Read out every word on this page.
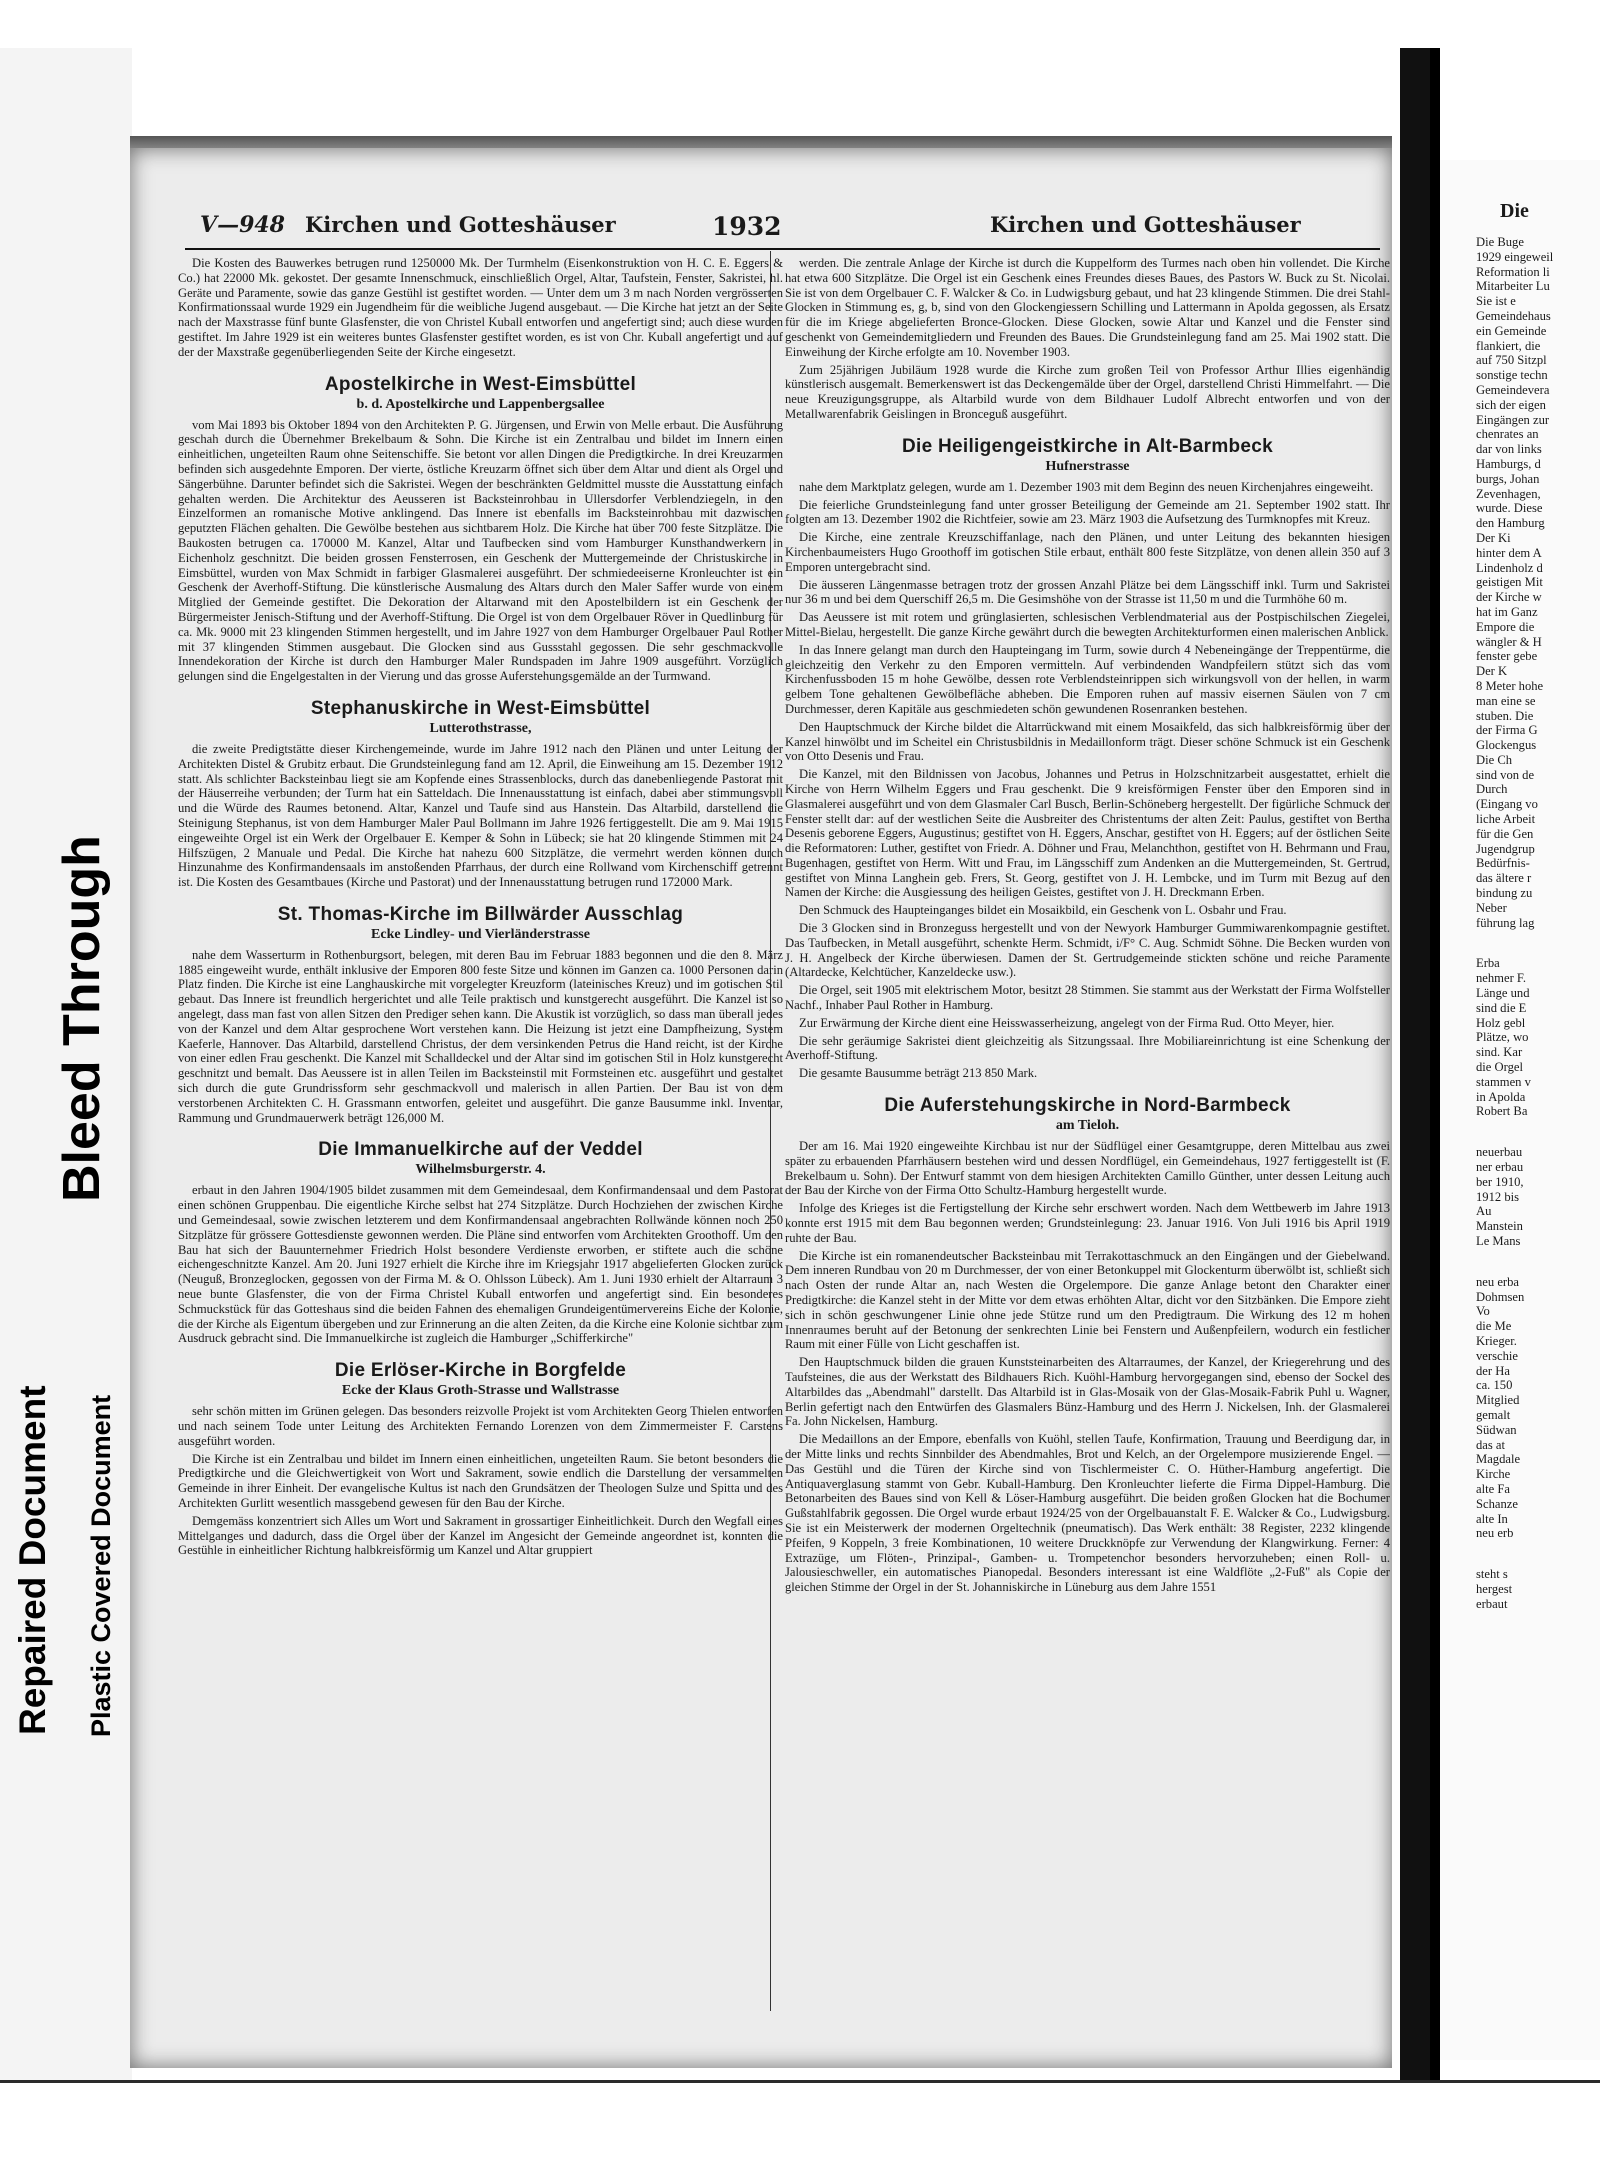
V—948 Kirchen und Gotteshäuser	1932	Kirchen und Gotteshäuser

Die Kosten des Bauwerkes betrugen rund 1250000 Mk. Der Turmhelm (Eisenkonstruktion von H. C. E. Eggers & Co.) hat 22000 Mk. gekostet. Der gesamte Innenschmuck, einschließlich Orgel, Altar, Taufstein, Fenster, Sakristei, hl. Geräte und Paramente, sowie das ganze Gestühl ist gestiftet worden. — Unter dem um 3 m nach Norden vergrösserten Konfirmationssaal wurde 1929 ein Jugendheim für die weibliche Jugend ausgebaut. — Die Kirche hat jetzt an der Seite nach der Maxstrasse fünf bunte Glasfenster, die von Christel Kuball entworfen und angefertigt sind; auch diese wurden gestiftet. Im Jahre 1929 ist ein weiteres buntes Glasfenster gestiftet worden, es ist von Chr. Kuball angefertigt und auf der der Maxstraße gegenüberliegenden Seite der Kirche eingesetzt.

Apostelkirche in West-Eimsbüttel
b. d. Apostelkirche und Lappenbergsallee

vom Mai 1893 bis Oktober 1894 von den Architekten P. G. Jürgensen, und Erwin von Melle erbaut. Die Ausführung geschah durch die Übernehmer Brekelbaum & Sohn. Die Kirche ist ein Zentralbau und bildet im Innern einen einheitlichen, ungeteilten Raum ohne Seitenschiffe. Sie betont vor allen Dingen die Predigtkirche. In drei Kreuzarmen befinden sich ausgedehnte Emporen. Der vierte, östliche Kreuzarm öffnet sich über dem Altar und dient als Orgel und Sängerbühne. Darunter befindet sich die Sakristei. Wegen der beschränkten Geldmittel musste die Ausstattung einfach gehalten werden. Die Architektur des Aeusseren ist Backsteinrohbau in Ullersdorfer Verblendziegeln, in den Einzelformen an romanische Motive anklingend. Das Innere ist ebenfalls im Backsteinrohbau mit dazwischen geputzten Flächen gehalten. Die Gewölbe bestehen aus sichtbarem Holz. Die Kirche hat über 700 feste Sitzplätze. Die Baukosten betrugen ca. 170000 M. Kanzel, Altar und Taufbecken sind vom Hamburger Kunsthandwerkern in Eichenholz geschnitzt. Die beiden grossen Fensterrosen, ein Geschenk der Muttergemeinde der Christuskirche in Eimsbüttel, wurden von Max Schmidt in farbiger Glasmalerei ausgeführt. Der schmiedeeiserne Kronleuchter ist ein Geschenk der Averhoff-Stiftung. Die künstlerische Ausmalung des Altars durch den Maler Saffer wurde von einem Mitglied der Gemeinde gestiftet. Die Dekoration der Altarwand mit den Apostelbildern ist ein Geschenk der Bürgermeister Jenisch-Stiftung und der Averhoff-Stiftung. Die Orgel ist von dem Orgelbauer Röver in Quedlinburg für ca. Mk. 9000 mit 23 klingenden Stimmen hergestellt, und im Jahre 1927 von dem Hamburger Orgelbauer Paul Rother mit 37 klingenden Stimmen ausgebaut. Die Glocken sind aus Gussstahl gegossen. Die sehr geschmackvolle Innendekoration der Kirche ist durch den Hamburger Maler Rundspaden im Jahre 1909 ausgeführt. Vorzüglich gelungen sind die Engelgestalten in der Vierung und das grosse Auferstehungsgemälde an der Turmwand.

Stephanuskirche in West-Eimsbüttel
Lutterothstrasse,

die zweite Predigtstätte dieser Kirchengemeinde, wurde im Jahre 1912 nach den Plänen und unter Leitung der Architekten Distel & Grubitz erbaut. Die Grundsteinlegung fand am 12. April, die Einweihung am 15. Dezember 1912 statt. Als schlichter Backsteinbau liegt sie am Kopfende eines Strassenblocks, durch das danebenliegende Pastorat mit der Häuserreihe verbunden; der Turm hat ein Satteldach. Die Innenausstattung ist einfach, dabei aber stimmungsvoll und die Würde des Raumes betonend. Altar, Kanzel und Taufe sind aus Hanstein. Das Altarbild, darstellend die Steinigung Stephanus, ist von dem Hamburger Maler Paul Bollmann im Jahre 1926 fertiggestellt. Die am 9. Mai 1915 eingeweihte Orgel ist ein Werk der Orgelbauer E. Kemper & Sohn in Lübeck; sie hat 20 klingende Stimmen mit 24 Hilfszügen, 2 Manuale und Pedal. Die Kirche hat nahezu 600 Sitzplätze, die vermehrt werden können durch Hinzunahme des Konfirmandensaals im anstoßenden Pfarrhaus, der durch eine Rollwand vom Kirchenschiff getrennt ist. Die Kosten des Gesamtbaues (Kirche und Pastorat) und der Innenausstattung betrugen rund 172000 Mark.

St. Thomas-Kirche im Billwärder Ausschlag
Ecke Lindley- und Vierländerstrasse

nahe dem Wasserturm in Rothenburgsort, belegen, mit deren Bau im Februar 1883 begonnen und die den 8. März 1885 eingeweiht wurde, enthält inklusive der Emporen 800 feste Sitze und können im Ganzen ca. 1000 Personen darin Platz finden. Die Kirche ist eine Langhauskirche mit vorgelegter Kreuzform (lateinisches Kreuz) und im gotischen Stil gebaut. Das Innere ist freundlich hergerichtet und alle Teile praktisch und kunstgerecht ausgeführt. Die Kanzel ist so angelegt, dass man fast von allen Sitzen den Prediger sehen kann. Die Akustik ist vorzüglich, so dass man überall jedes von der Kanzel und dem Altar gesprochene Wort verstehen kann. Die Heizung ist jetzt eine Dampfheizung, System Kaeferle, Hannover. Das Altarbild, darstellend Christus, der dem versinkenden Petrus die Hand reicht, ist der Kirche von einer edlen Frau geschenkt. Die Kanzel mit Schalldeckel und der Altar sind im gotischen Stil in Holz kunstgerecht geschnitzt und bemalt. Das Aeussere ist in allen Teilen im Backsteinstil mit Formsteinen etc. ausgeführt und gestaltet sich durch die gute Grundrissform sehr geschmackvoll und malerisch in allen Partien. Der Bau ist von dem verstorbenen Architekten C. H. Grassmann entworfen, geleitet und ausgeführt. Die ganze Bausumme inkl. Inventar, Rammung und Grundmauerwerk beträgt 126,000 M.

Die Immanuelkirche auf der Veddel
Wilhelmsburgerstr. 4.

erbaut in den Jahren 1904/1905 bildet zusammen mit dem Gemeindesaal, dem Konfirmandensaal und dem Pastorat einen schönen Gruppenbau. Die eigentliche Kirche selbst hat 274 Sitzplätze. Durch Hochziehen der zwischen Kirche und Gemeindesaal, sowie zwischen letzterem und dem Konfirmandensaal angebrachten Rollwände können noch 250 Sitzplätze für grössere Gottesdienste gewonnen werden. Die Pläne sind entworfen vom Architekten Groothoff. Um den Bau hat sich der Bauunternehmer Friedrich Holst besondere Verdienste erworben, er stiftete auch die schöne eichengeschnitzte Kanzel. Am 20. Juni 1927 erhielt die Kirche ihre im Kriegsjahr 1917 abgelieferten Glocken zurück (Neuguß, Bronzeglocken, gegossen von der Firma M. & O. Ohlsson Lübeck). Am 1. Juni 1930 erhielt der Altarraum 3 neue bunte Glasfenster, die von der Firma Christel Kuball entworfen und angefertigt sind. Ein besonderes Schmuckstück für das Gotteshaus sind die beiden Fahnen des ehemaligen Grundeigentümervereins Eiche der Kolonie, die der Kirche als Eigentum übergeben und zur Erinnerung an die alten Zeiten, da die Kirche eine Kolonie sichtbar zum Ausdruck gebracht sind. Die Immanuelkirche ist zugleich die Hamburger „Schifferkirche"

Die Erlöser-Kirche in Borgfelde
Ecke der Klaus Groth-Strasse und Wallstrasse

sehr schön mitten im Grünen gelegen. Das besonders reizvolle Projekt ist vom Architekten Georg Thielen entworfen und nach seinem Tode unter Leitung des Architekten Fernando Lorenzen von dem Zimmermeister F. Carstens ausgeführt worden.

Die Kirche ist ein Zentralbau und bildet im Innern einen einheitlichen, ungeteilten Raum. Sie betont besonders die Predigtkirche und die Gleichwertigkeit von Wort und Sakrament, sowie endlich die Darstellung der versammelten Gemeinde in ihrer Einheit. Der evangelische Kultus ist nach den Grundsätzen der Theologen Sulze und Spitta und des Architekten Gurlitt wesentlich massgebend gewesen für den Bau der Kirche.

Demgemäss konzentriert sich Alles um Wort und Sakrament in grossartiger Einheitlichkeit. Durch den Wegfall eines Mittelganges und dadurch, dass die Orgel über der Kanzel im Angesicht der Gemeinde angeordnet ist, konnten die Gestühle in einheitlicher Richtung halbkreisförmig um Kanzel und Altar gruppiert

werden. Die zentrale Anlage der Kirche ist durch die Kuppelform des Turmes nach oben hin vollendet. Die Kirche hat etwa 600 Sitzplätze. Die Orgel ist ein Geschenk eines Freundes dieses Baues, des Pastors W. Buck zu St. Nicolai. Sie ist von dem Orgelbauer C. F. Walcker & Co. in Ludwigsburg gebaut, und hat 23 klingende Stimmen. Die drei Stahl-Glocken in Stimmung es, g, b, sind von den Glockengiessern Schilling und Lattermann in Apolda gegossen, als Ersatz für die im Kriege abgelieferten Bronce-Glocken. Diese Glocken, sowie Altar und Kanzel und die Fenster sind geschenkt von Gemeindemitgliedern und Freunden des Baues. Die Grundsteinlegung fand am 25. Mai 1902 statt. Die Einweihung der Kirche erfolgte am 10. November 1903.

Zum 25jährigen Jubiläum 1928 wurde die Kirche zum großen Teil von Professor Arthur Illies eigenhändig künstlerisch ausgemalt. Bemerkenswert ist das Deckengemälde über der Orgel, darstellend Christi Himmelfahrt. — Die neue Kreuzigungsgruppe, als Altarbild wurde von dem Bildhauer Ludolf Albrecht entworfen und von der Metallwarenfabrik Geislingen in Bronceguß ausgeführt.

Die Heiligengeistkirche in Alt-Barmbeck
Hufnerstrasse

nahe dem Marktplatz gelegen, wurde am 1. Dezember 1903 mit dem Beginn des neuen Kirchenjahres eingeweiht.

Die feierliche Grundsteinlegung fand unter grosser Beteiligung der Gemeinde am 21. September 1902 statt. Ihr folgten am 13. Dezember 1902 die Richtfeier, sowie am 23. März 1903 die Aufsetzung des Turmknopfes mit Kreuz.

Die Kirche, eine zentrale Kreuzschiffanlage, nach den Plänen, und unter Leitung des bekannten hiesigen Kirchenbaumeisters Hugo Groothoff im gotischen Stile erbaut, enthält 800 feste Sitzplätze, von denen allein 350 auf 3 Emporen untergebracht sind.

Die äusseren Längenmasse betragen trotz der grossen Anzahl Plätze bei dem Längsschiff inkl. Turm und Sakristei nur 36 m und bei dem Querschiff 26,5 m. Die Gesimshöhe von der Strasse ist 11,50 m und die Turmhöhe 60 m.

Das Aeussere ist mit rotem und grünglasierten, schlesischen Verblendmaterial aus der Postpischilschen Ziegelei, Mittel-Bielau, hergestellt. Die ganze Kirche gewährt durch die bewegten Architekturformen einen malerischen Anblick.

In das Innere gelangt man durch den Haupteingang im Turm, sowie durch 4 Nebeneingänge der Treppentürme, die gleichzeitig den Verkehr zu den Emporen vermitteln. Auf verbindenden Wandpfeilern stützt sich das vom Kirchenfussboden 15 m hohe Gewölbe, dessen rote Verblendsteinrippen sich wirkungsvoll von der hellen, in warm gelbem Tone gehaltenen Gewölbefläche abheben. Die Emporen ruhen auf massiv eisernen Säulen von 7 cm Durchmesser, deren Kapitäle aus geschmiedeten schön gewundenen Rosenranken bestehen.

Den Hauptschmuck der Kirche bildet die Altarrückwand mit einem Mosaikfeld, das sich halbkreisförmig über der Kanzel hinwölbt und im Scheitel ein Christusbildnis in Medaillonform trägt. Dieser schöne Schmuck ist ein Geschenk von Otto Desenis und Frau.

Die Kanzel, mit den Bildnissen von Jacobus, Johannes und Petrus in Holzschnitzarbeit ausgestattet, erhielt die Kirche von Herrn Wilhelm Eggers und Frau geschenkt. Die 9 kreisförmigen Fenster über den Emporen sind in Glasmalerei ausgeführt und von dem Glasmaler Carl Busch, Berlin-Schöneberg hergestellt. Der figürliche Schmuck der Fenster stellt dar: auf der westlichen Seite die Ausbreiter des Christentums der alten Zeit: Paulus, gestiftet von Bertha Desenis geborene Eggers, Augustinus; gestiftet von H. Eggers, Anschar, gestiftet von H. Eggers; auf der östlichen Seite die Reformatoren: Luther, gestiftet von Friedr. A. Döhner und Frau, Melanchthon, gestiftet von H. Behrmann und Frau, Bugenhagen, gestiftet von Herm. Witt und Frau, im Längsschiff zum Andenken an die Muttergemeinden, St. Gertrud, gestiftet von Minna Langhein geb. Frers, St. Georg, gestiftet von J. H. Lembcke, und im Turm mit Bezug auf den Namen der Kirche: die Ausgiessung des heiligen Geistes, gestiftet von J. H. Dreckmann Erben.

Den Schmuck des Haupteinganges bildet ein Mosaikbild, ein Geschenk von L. Osbahr und Frau.

Die 3 Glocken sind in Bronzeguss hergestellt und von der Newyork Hamburger Gummiwarenkompagnie gestiftet. Das Taufbecken, in Metall ausgeführt, schenkte Herm. Schmidt, i/F° C. Aug. Schmidt Söhne. Die Becken wurden von J. H. Angelbeck der Kirche überwiesen. Damen der St. Gertrudgemeinde stickten schöne und reiche Paramente (Altardecke, Kelchtücher, Kanzeldecke usw.).

Die Orgel, seit 1905 mit elektrischem Motor, besitzt 28 Stimmen. Sie stammt aus der Werkstatt der Firma Wolfsteller Nachf., Inhaber Paul Rother in Hamburg.

Zur Erwärmung der Kirche dient eine Heisswasserheizung, angelegt von der Firma Rud. Otto Meyer, hier.

Die sehr geräumige Sakristei dient gleichzeitig als Sitzungssaal. Ihre Mobiliareinrichtung ist eine Schenkung der Averhoff-Stiftung.

Die gesamte Bausumme beträgt 213 850 Mark.

Die Auferstehungskirche in Nord-Barmbeck
am Tieloh.

Der am 16. Mai 1920 eingeweihte Kirchbau ist nur der Südflügel einer Gesamtgruppe, deren Mittelbau aus zwei später zu erbauenden Pfarrhäusern bestehen wird und dessen Nordflügel, ein Gemeindehaus, 1927 fertiggestellt ist (F. Brekelbaum u. Sohn). Der Entwurf stammt von dem hiesigen Architekten Camillo Günther, unter dessen Leitung auch der Bau der Kirche von der Firma Otto Schultz-Hamburg hergestellt wurde.

Infolge des Krieges ist die Fertigstellung der Kirche sehr erschwert worden. Nach dem Wettbewerb im Jahre 1913 konnte erst 1915 mit dem Bau begonnen werden; Grundsteinlegung: 23. Januar 1916. Von Juli 1916 bis April 1919 ruhte der Bau.

Die Kirche ist ein romanendeutscher Backsteinbau mit Terrakottaschmuck an den Eingängen und der Giebelwand. Dem inneren Rundbau von 20 m Durchmesser, der von einer Betonkuppel mit Glockenturm überwölbt ist, schließt sich nach Osten der runde Altar an, nach Westen die Orgelempore. Die ganze Anlage betont den Charakter einer Predigtkirche: die Kanzel steht in der Mitte vor dem etwas erhöhten Altar, dicht vor den Sitzbänken. Die Empore zieht sich in schön geschwungener Linie ohne jede Stütze rund um den Predigtraum. Die Wirkung des 12 m hohen Innenraumes beruht auf der Betonung der senkrechten Linie bei Fenstern und Außenpfeilern, wodurch ein festlicher Raum mit einer Fülle von Licht geschaffen ist.

Den Hauptschmuck bilden die grauen Kunststeinarbeiten des Altarraumes, der Kanzel, der Kriegerehrung und des Taufsteines, die aus der Werkstatt des Bildhauers Rich. Kuöhl-Hamburg hervorgegangen sind, ebenso der Sockel des Altarbildes das „Abendmahl" darstellt. Das Altarbild ist in Glas-Mosaik von der Glas-Mosaik-Fabrik Puhl u. Wagner, Berlin gefertigt nach den Entwürfen des Glasmalers Bünz-Hamburg und des Herrn J. Nickelsen, Inh. der Glasmalerei Fa. John Nickelsen, Hamburg.

Die Medaillons an der Empore, ebenfalls von Kuöhl, stellen Taufe, Konfirmation, Trauung und Beerdigung dar, in der Mitte links und rechts Sinnbilder des Abendmahles, Brot und Kelch, an der Orgelempore musizierende Engel. — Das Gestühl und die Türen der Kirche sind von Tischlermeister C. O. Hüther-Hamburg angefertigt. Die Antiquaverglasung stammt von Gebr. Kuball-Hamburg. Den Kronleuchter lieferte die Firma Dippel-Hamburg. Die Betonarbeiten des Baues sind von Kell & Löser-Hamburg ausgeführt. Die beiden großen Glocken hat die Bochumer Gußstahlfabrik gegossen. Die Orgel wurde erbaut 1924/25 von der Orgelbauanstalt F. E. Walcker & Co., Ludwigsburg. Sie ist ein Meisterwerk der modernen Orgeltechnik (pneumatisch). Das Werk enthält: 38 Register, 2232 klingende Pfeifen, 9 Koppeln, 3 freie Kombinationen, 10 weitere Druckknöpfe zur Verwendung der Klangwirkung. Ferner: 4 Extrazüge, um Flöten-, Prinzipal-, Gamben- u. Trompetenchor besonders hervorzuheben; einen Roll- u. Jalousieschweller, ein automatisches Pianopedal. Besonders interessant ist eine Waldflöte „2-Fuß" als Copie der gleichen Stimme der Orgel in der St. Johanniskirche in Lüneburg aus dem Jahre 1551

Die
Die Buge
1929 eingeweil
Reformation li
Mitarbeiter Lu
Sie ist e
Gemeindehaus
ein Gemeinde
flankiert, die
auf 750 Sitzpl
sonstige techn
Gemeindevera
sich der eigen
Eingängen zur
chenrates an
dar von links
Hamburgs, d
burgs, Johan
Zevenhagen,
wurde. Diese
den Hamburg
Der Ki
hinter dem A
Lindenholz d
geistigen Mit
der Kirche w
hat im Ganz
Empore die
wängler & H
fenster gebe
Der K
8 Meter hohe
man eine se
stuben. Die
der Firma G
Glockengus
Die Ch
sind von de
Durch
(Eingang vo
liche Arbeit
für die Gen
Jugendgrup
Bedürfnis-
das ältere r
bindung zu
Neber
führung lag
Erba
nehmer F.
Länge und
sind die E
Holz gebl
Plätze, wo
sind. Kar
die Orgel
stammen v
in Apolda
Robert Ba
neuerbau
ner erbau
ber 1910,
1912 bis
Au
Manstein
Le Mans
neu erba
Dohmsen
Vo
die Me
Krieger.
verschie
der Ha
ca. 150
Mitglied
gemalt
Südwan
das at
Magdale
Kirche
alte Fa
Schanze
alte In
neu erb
steht s
hergest
erbaut
Repaired Document Plastic Covered Document
Bleed Through
